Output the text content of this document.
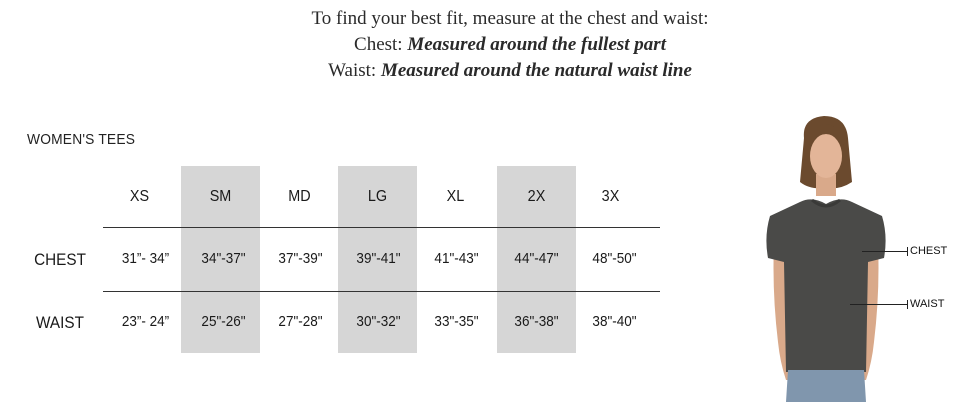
To find your best fit, measure at the chest and waist:
Chest: Measured around the fullest part
Waist: Measured around the natural waist line
WOMEN'S TEES
XS	SM	MD	LG	XL	2X	3X
CHEST	31”- 34”	34"-37"	37"-39"	39"-41"	41"-43"	44"-47"	48"-50"
WAIST	23”- 24”	25"-26"	27"-28"	30"-32"	33"-35"	36"-38"	38"-40"
CHEST
WAIST
